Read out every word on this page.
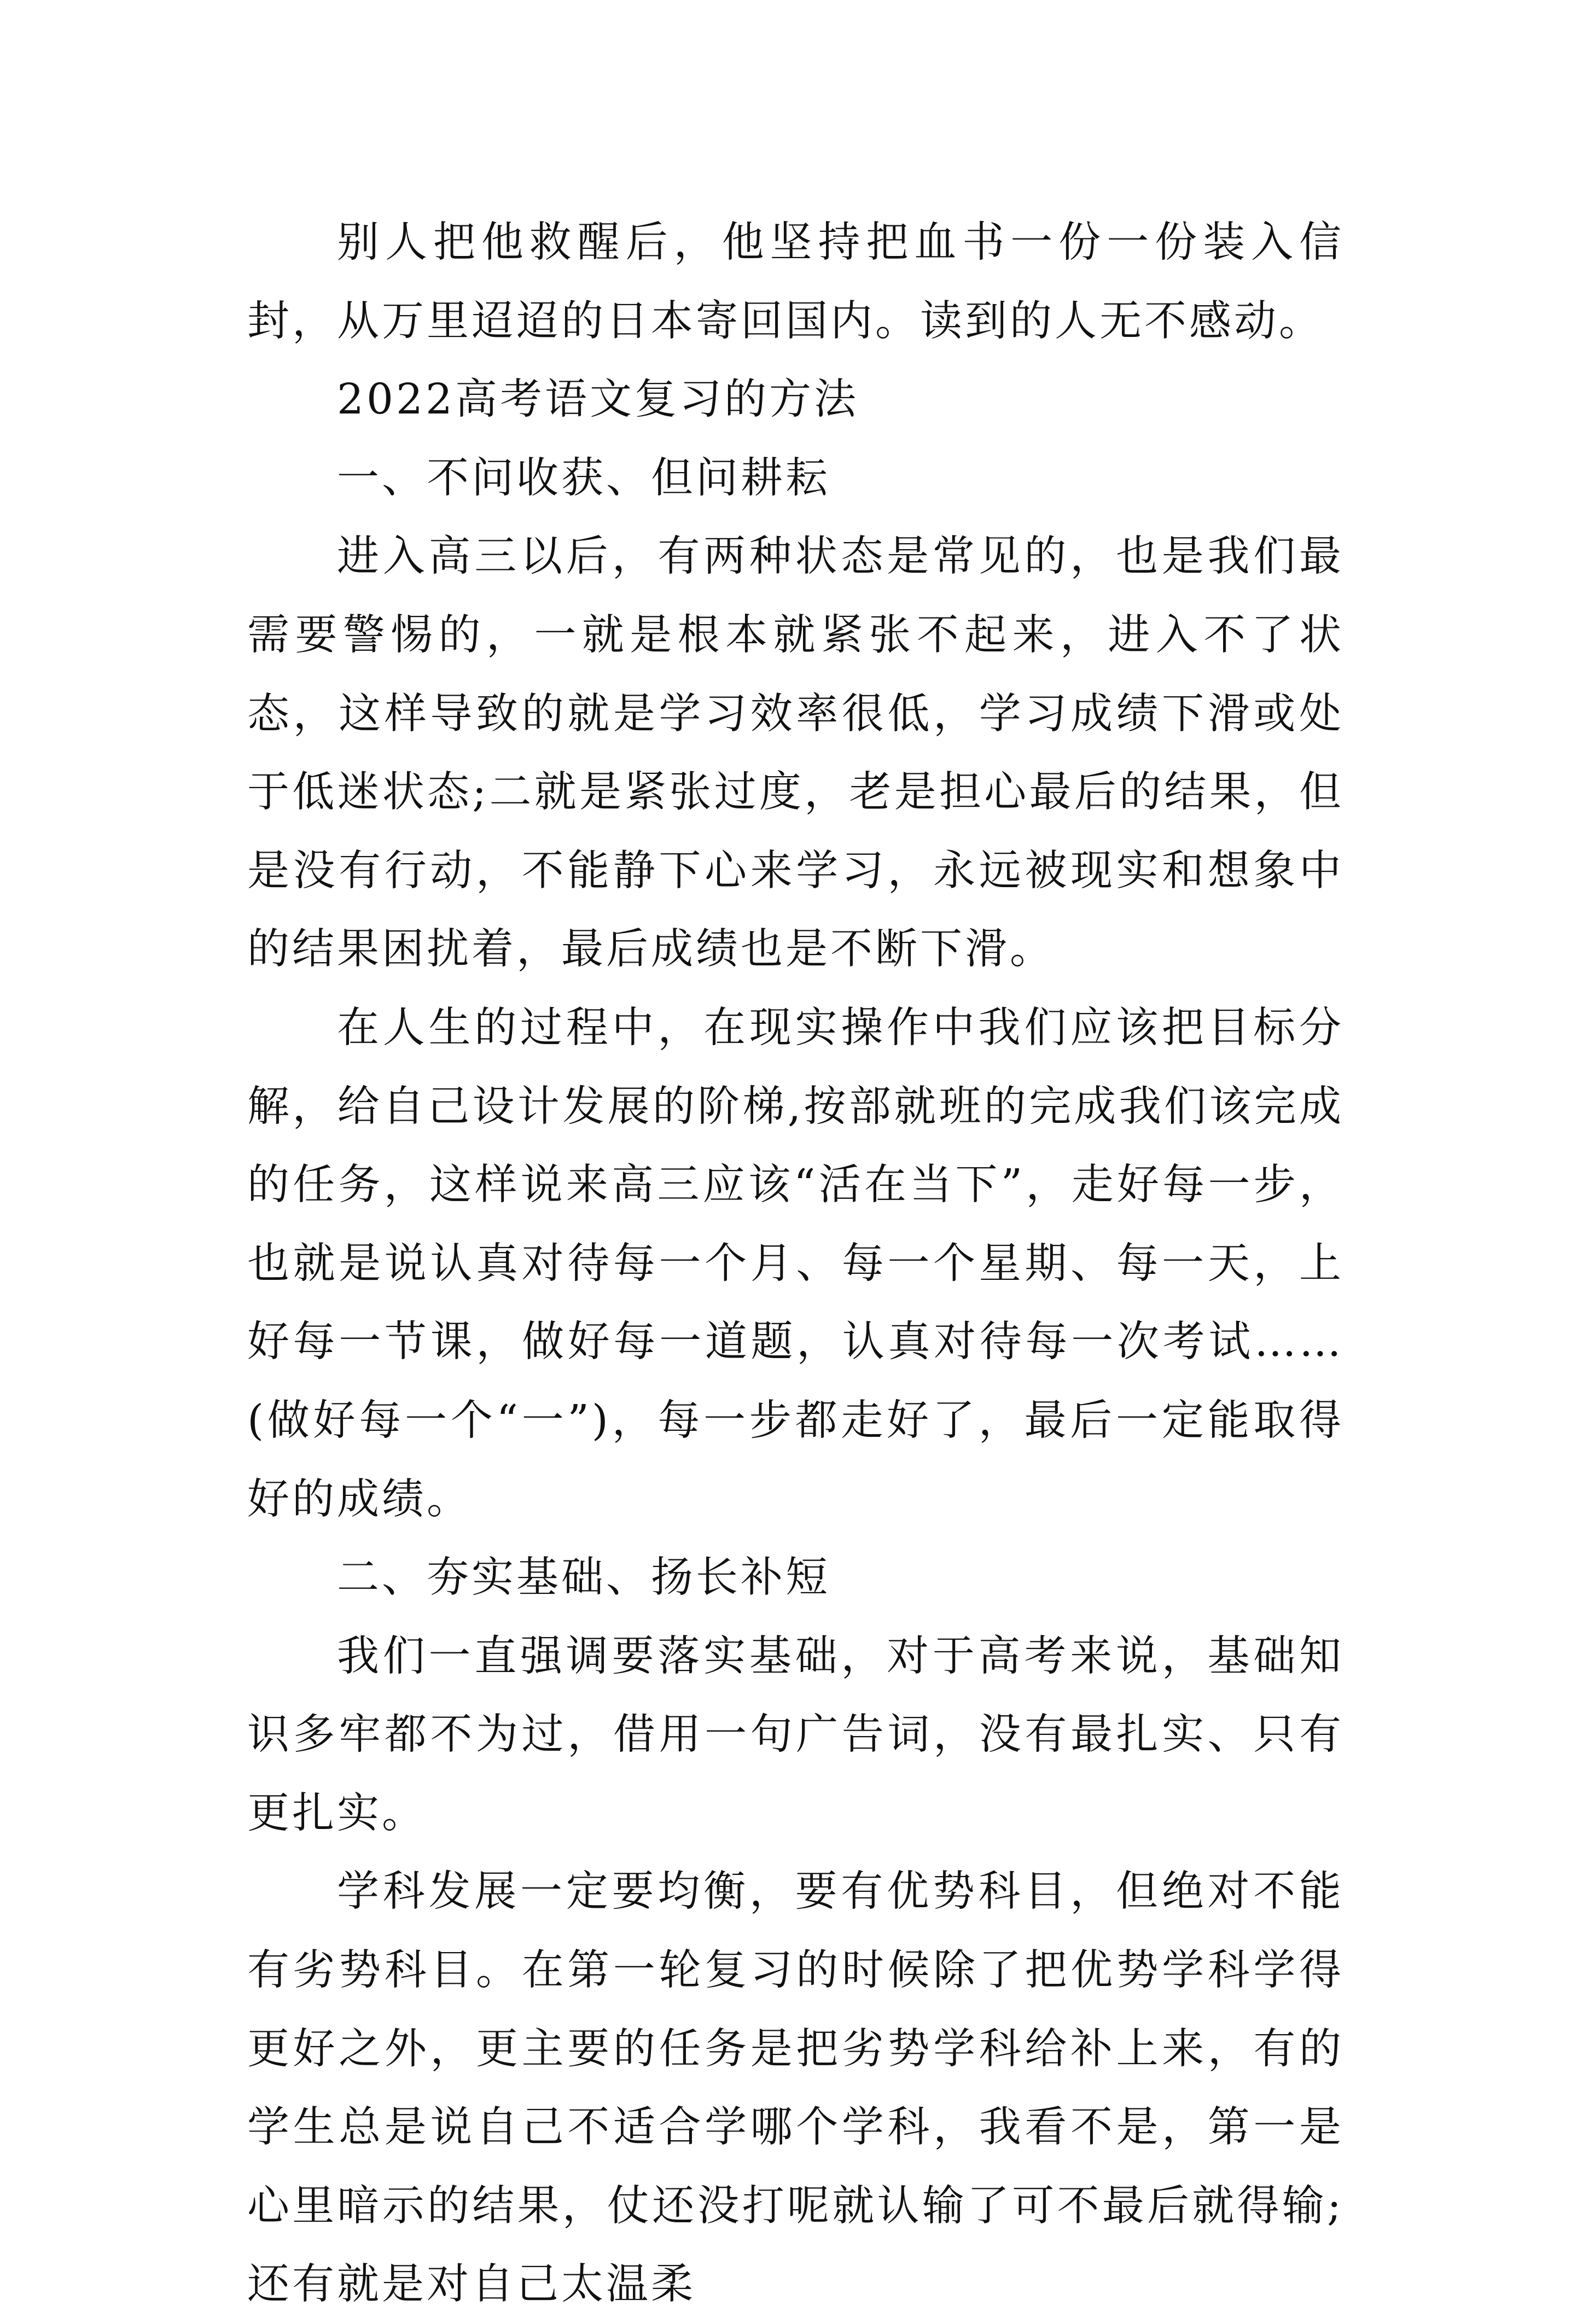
别人把他救醒后，他坚持把血书一份一份装入信封，从万里迢迢的日本寄回国内。读到的人无不感动。

2022高考语文复习的方法

一、不问收获、但问耕耘

进入高三以后，有两种状态是常见的，也是我们最需要警惕的，一就是根本就紧张不起来，进入不了状态，这样导致的就是学习效率很低，学习成绩下滑或处于低迷状态;二就是紧张过度，老是担心最后的结果，但是没有行动，不能静下心来学习，永远被现实和想象中的结果困扰着，最后成绩也是不断下滑。

在人生的过程中，在现实操作中我们应该把目标分解，给自己设计发展的阶梯,按部就班的完成我们该完成的任务，这样说来高三应该“活在当下”，走好每一步，也就是说认真对待每一个月、每一个星期、每一天，上好每一节课，做好每一道题，认真对待每一次考试……(做好每一个“一”)，每一步都走好了，最后一定能取得好的成绩。

二、夯实基础、扬长补短

我们一直强调要落实基础，对于高考来说，基础知识多牢都不为过，借用一句广告词，没有最扎实、只有更扎实。

学科发展一定要均衡，要有优势科目，但绝对不能有劣势科目。在第一轮复习的时候除了把优势学科学得更好之外，更主要的任务是把劣势学科给补上来，有的学生总是说自己不适合学哪个学科，我看不是，第一是心里暗示的结果，仗还没打呢就认输了可不最后就得输;还有就是对自己太温柔
